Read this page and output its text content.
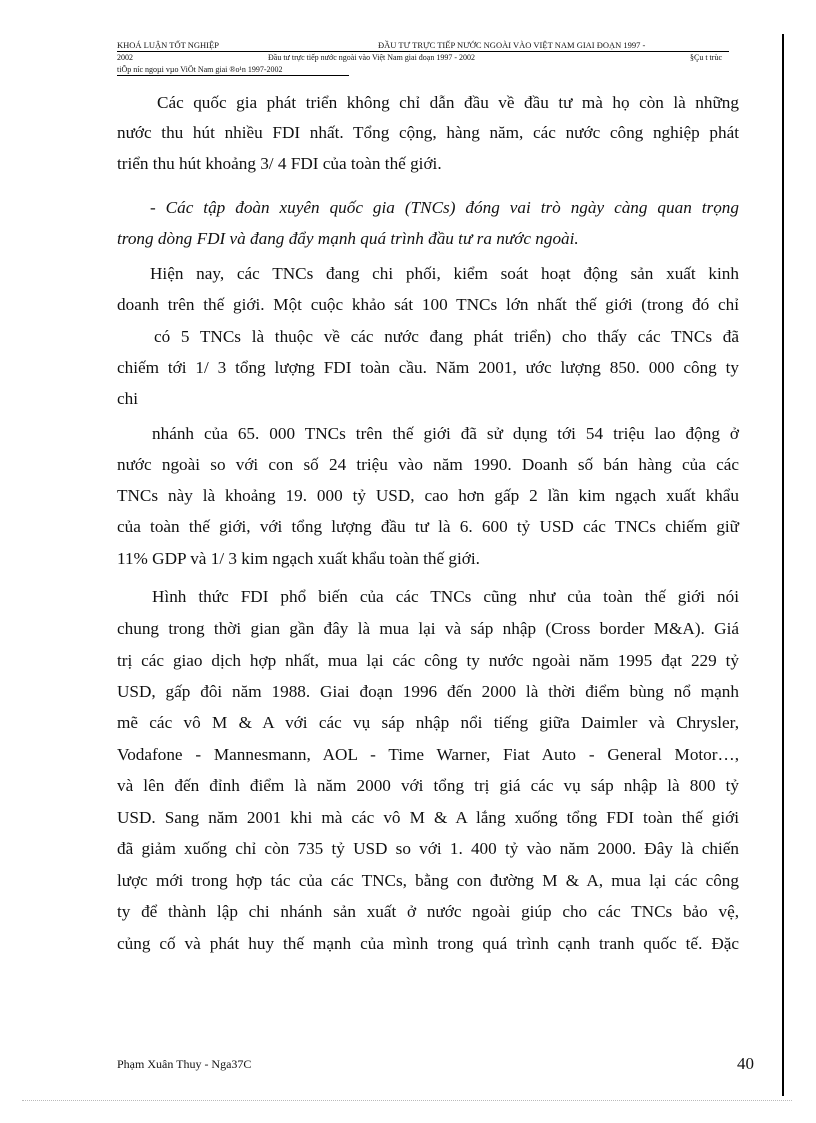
KHOÁ LUẬN TỐT NGHIỆP	ĐẦU TƯ TRỰC TIẾP NƯỚC NGOÀI VÀO VIỆT NAM GIAI ĐOẠN 1997 -
2002	Đầu tư trực tiếp nước ngoài vào Việt Nam giai đoạn 1997 - 2002	§Çu t trùc
tiÕp níc ngoµi vµo ViÖt Nam giai ®o¹n 1997-2002
Các quốc gia phát triển không chỉ dẫn đầu về đầu tư mà họ còn là những
nước thu hút nhiều FDI nhất. Tổng cộng, hàng năm, các nước công nghiệp phát
triển thu hút khoảng 3/ 4 FDI của toàn thế giới.
- Các tập đoàn xuyên quốc gia (TNCs) đóng vai trò ngày càng quan trọng
trong dòng FDI và đang đẩy mạnh quá trình đầu tư ra nước ngoài.
Hiện nay, các TNCs đang chi phối, kiểm soát hoạt động sản xuất kinh
doanh trên thế giới. Một cuộc khảo sát 100 TNCs lớn nhất thế giới (trong đó chỉ
có 5 TNCs là thuộc về các nước đang phát triển) cho thấy các TNCs đã
chiếm tới 1/ 3 tổng lượng FDI toàn cầu. Năm 2001, ước lượng 850. 000 công ty
chi
nhánh của 65. 000 TNCs trên thế giới đã sử dụng tới 54 triệu lao động ở
nước ngoài so với con số 24 triệu vào năm 1990. Doanh số bán hàng của các
TNCs này là khoảng 19. 000 tỷ USD, cao hơn gấp 2 lần kim ngạch xuất khẩu
của toàn thế giới, với tổng lượng đầu tư là 6. 600 tỷ USD các TNCs chiếm giữ
11% GDP và 1/ 3 kim ngạch xuất khẩu toàn thế giới.
Hình thức FDI phổ biến của các TNCs cũng như của toàn thế giới nói
chung trong thời gian gần đây là mua lại và sáp nhập (Cross border M&A). Giá
trị các giao dịch hợp nhất, mua lại các công ty nước ngoài năm 1995 đạt 229 tỷ
USD, gấp đôi năm 1988. Giai đoạn 1996 đến 2000 là thời điểm bùng nổ mạnh
mẽ các vô M & A với các vụ sáp nhập nổi tiếng giữa Daimler và Chrysler,
Vodafone - Mannesmann, AOL - Time Warner, Fiat Auto - General Motor…,
và lên đến đỉnh điểm là năm 2000 với tổng trị giá các vụ sáp nhập là 800 tỷ
USD. Sang năm 2001 khi mà các vô M & A lắng xuống tổng FDI toàn thế giới
đã giảm xuống chỉ còn 735 tỷ USD so với 1. 400 tỷ vào năm 2000. Đây là chiến
lược mới trong hợp tác của các TNCs, bằng con đường M & A, mua lại các công
ty để thành lập chi nhánh sản xuất ở nước ngoài giúp cho các TNCs bảo vệ,
củng cố và phát huy thế mạnh của mình trong quá trình cạnh tranh quốc tế. Đặc
Phạm Xuân Thuy - Nga37C	40
